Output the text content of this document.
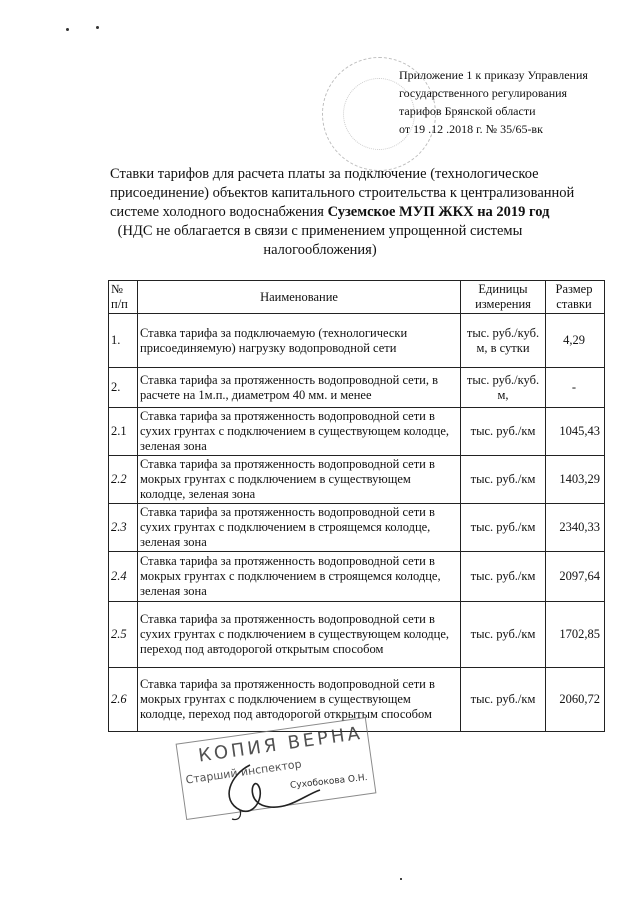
Приложение 1 к приказу Управления
государственного регулирования
тарифов Брянской области
от 19 .12 .2018 г. № 35/65-вк
Ставки тарифов для расчета платы за подключение (технологическое
присоединение) объектов капитального строительства к централизованной
системе холодного водоснабжения Суземское МУП ЖКХ на 2019 год
(НДС не облагается в связи с применением упрощенной системы
налогообложения)
№ п/п	Наименование	Единицы измерения	Размер ставки
1.	Ставка тарифа за подключаемую (технологически присоединяемую) нагрузку водопроводной сети	тыс. руб./куб. м, в сутки	4,29
2.	Ставка тарифа за протяженность водопроводной сети, в расчете на 1м.п., диаметром 40 мм. и менее	тыс. руб./куб. м,	-
2.1	Ставка тарифа за протяженность водопроводной сети в сухих грунтах с подключением в существующем колодце, зеленая зона	тыс. руб./км	1045,43
2.2	Ставка тарифа за протяженность водопроводной сети в мокрых грунтах с подключением в существующем колодце, зеленая зона	тыс. руб./км	1403,29
2.3	Ставка тарифа за протяженность водопроводной сети в сухих грунтах с подключением в строящемся колодце, зеленая зона	тыс. руб./км	2340,33
2.4	Ставка тарифа за протяженность водопроводной сети в мокрых грунтах с подключением в строящемся колодце, зеленая зона	тыс. руб./км	2097,64
2.5	Ставка тарифа за протяженность водопроводной сети в сухих грунтах с подключением в существующем колодце, переход под автодорогой открытым способом	тыс. руб./км	1702,85
2.6	Ставка тарифа за протяженность водопроводной сети в мокрых грунтах с подключением в существующем колодце, переход под автодорогой открытым способом	тыс. руб./км	2060,72
КОПИЯ ВЕРНА
Старший инспектор
Сухобокова О.Н.
